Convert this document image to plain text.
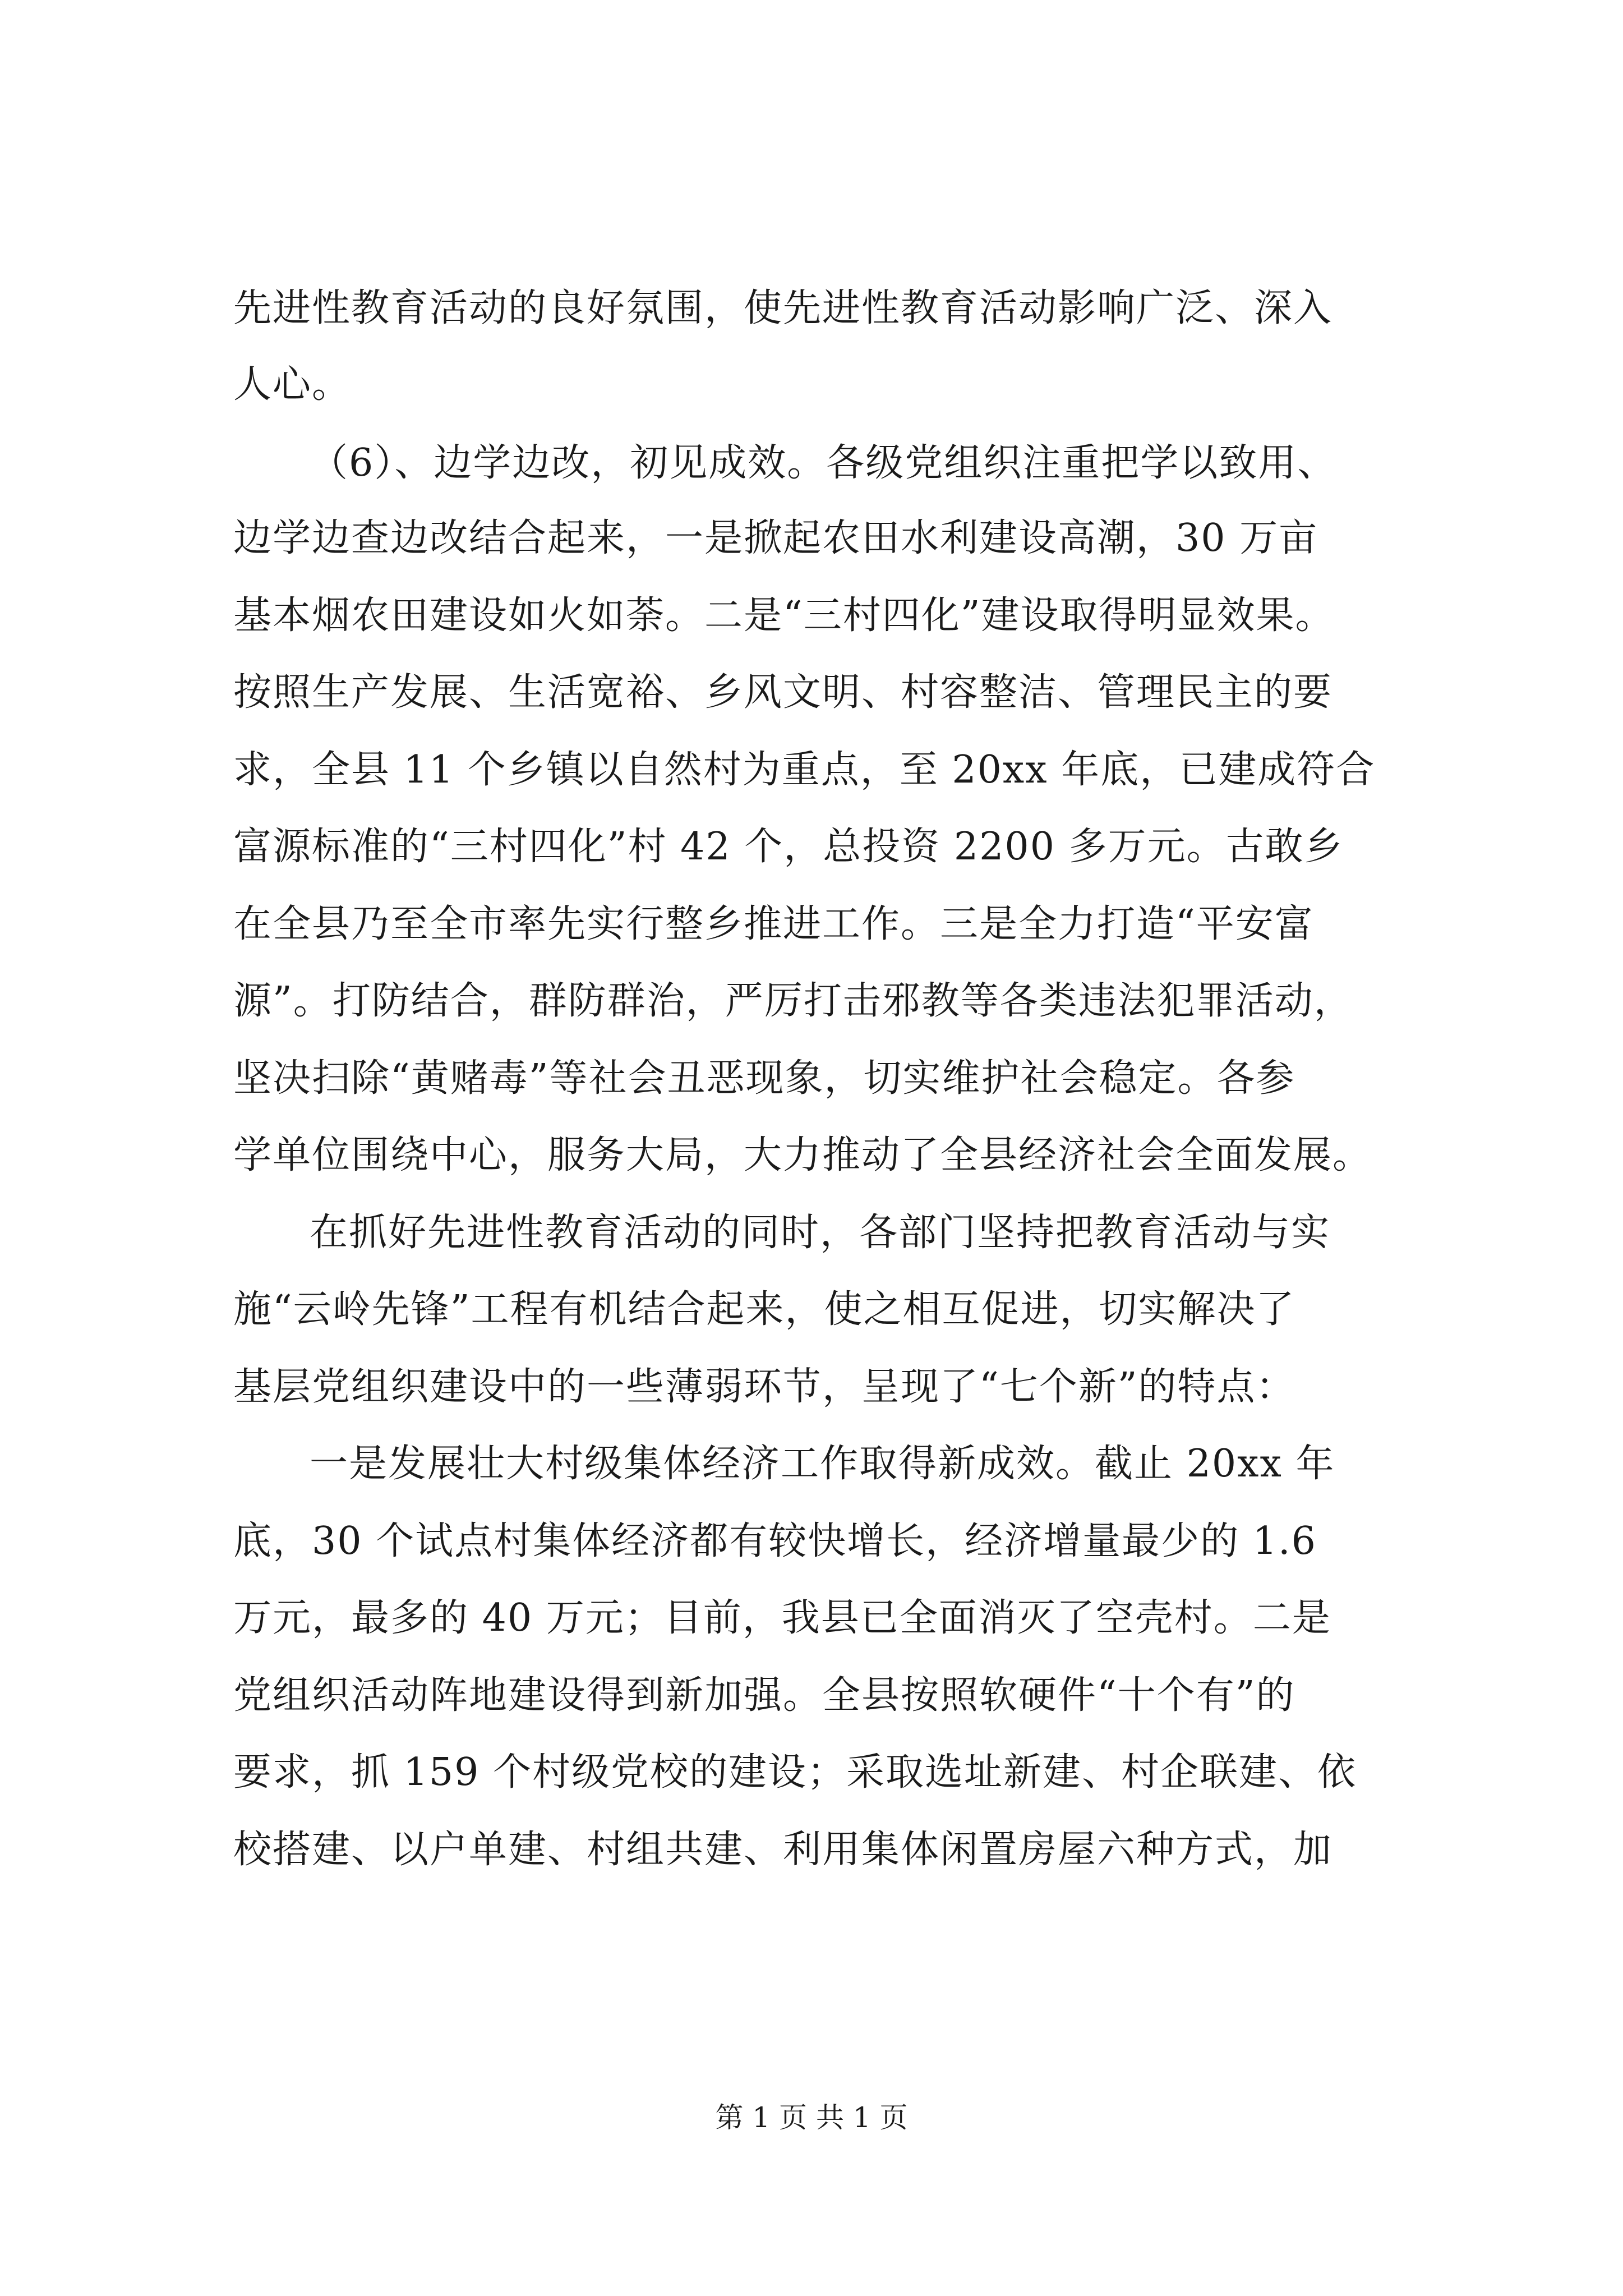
先进性教育活动的良好氛围，使先进性教育活动影响广泛、深入
人心。
（6）、边学边改，初见成效。各级党组织注重把学以致用、
边学边查边改结合起来，一是掀起农田水利建设高潮，30 万亩
基本烟农田建设如火如荼。二是“三村四化”建设取得明显效果。
按照生产发展、生活宽裕、乡风文明、村容整洁、管理民主的要
求，全县 11 个乡镇以自然村为重点，至 20xx 年底，已建成符合
富源标准的“三村四化”村 42 个，总投资 2200 多万元。古敢乡
在全县乃至全市率先实行整乡推进工作。三是全力打造“平安富
源”。打防结合，群防群治，严厉打击邪教等各类违法犯罪活动，
坚决扫除“黄赌毒”等社会丑恶现象，切实维护社会稳定。各参
学单位围绕中心，服务大局，大力推动了全县经济社会全面发展。
在抓好先进性教育活动的同时，各部门坚持把教育活动与实
施“云岭先锋”工程有机结合起来，使之相互促进，切实解决了
基层党组织建设中的一些薄弱环节，呈现了“七个新”的特点：
一是发展壮大村级集体经济工作取得新成效。截止 20xx 年
底，30 个试点村集体经济都有较快增长，经济增量最少的 1.6
万元，最多的 40 万元；目前，我县已全面消灭了空壳村。二是
党组织活动阵地建设得到新加强。全县按照软硬件“十个有”的
要求，抓 159 个村级党校的建设；采取选址新建、村企联建、依
校搭建、以户单建、村组共建、利用集体闲置房屋六种方式，加
第 1 页 共 1 页
